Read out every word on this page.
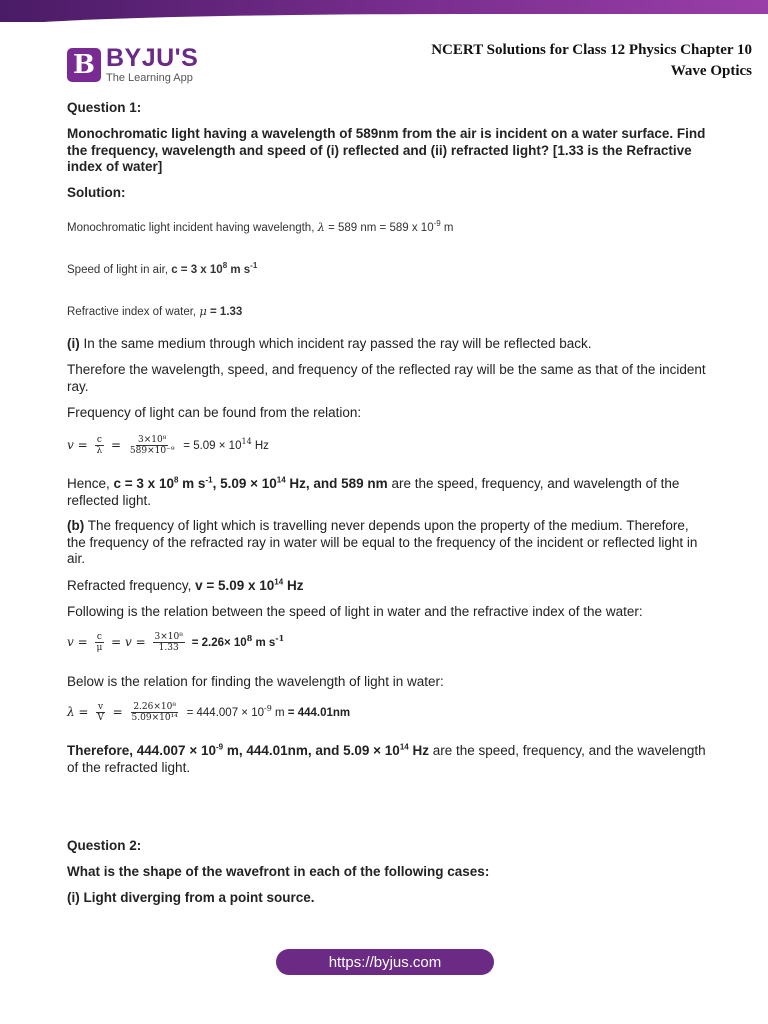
B BYJU'S
The Learning App
NCERT Solutions for Class 12 Physics Chapter 10
Wave Optics

Question 1:

Monochromatic light having a wavelength of 589nm from the air is incident on a water surface. Find the frequency, wavelength and speed of (i) reflected and (ii) refracted light? [1.33 is the Refractive index of water]

Solution:

Monochromatic light incident having wavelength, λ = 589 nm = 589 x $10^{-9}$ m

Speed of light in air, c = 3 x $10^8$ m $s^{-1}$

Refractive index of water, μ = 1.33

(i) In the same medium through which incident ray passed the ray will be reflected back.

Therefore the wavelength, speed, and frequency of the reflected ray will be the same as that of the incident ray.

Frequency of light can be found from the relation:

$v = \frac{c}{\lambda} = \frac{\text{3×10⁸}}{\text{589×10⁻⁹}} = 5.09 \times 10^{14}$ Hz

Hence, c = 3 x $10^8$ m $s^{-1}$, $5.09 \times 10^{14}$ Hz, and 589 nm are the speed, frequency, and wavelength of the reflected light.

(b) The frequency of light which is travelling never depends upon the property of the medium. Therefore, the frequency of the refracted ray in water will be equal to the frequency of the incident or reflected light in air.

Refracted frequency, v = 5.09 x $10^{14}$ Hz

Following is the relation between the speed of light in water and the refractive index of the water:

$v = \frac{c}{\mu} = v = \frac{\text{3×10⁸}}{1.33} = 2.26\times 10^8$ m $s^{-1}$

Below is the relation for finding the wavelength of light in water:

$\lambda = \frac{v}{V} = \frac{\text{2.26×10⁸}}{\text{5.09×10¹⁴}} = 444.007 \times 10^{-9}$ m = 444.01nm

Therefore, $444.007 \times 10^{-9}$ m, 444.01nm, and $5.09 \times 10^{14}$ Hz are the speed, frequency, and the wavelength of the refracted light.

Question 2:

What is the shape of the wavefront in each of the following cases:

(i) Light diverging from a point source.

https://byjus.com
